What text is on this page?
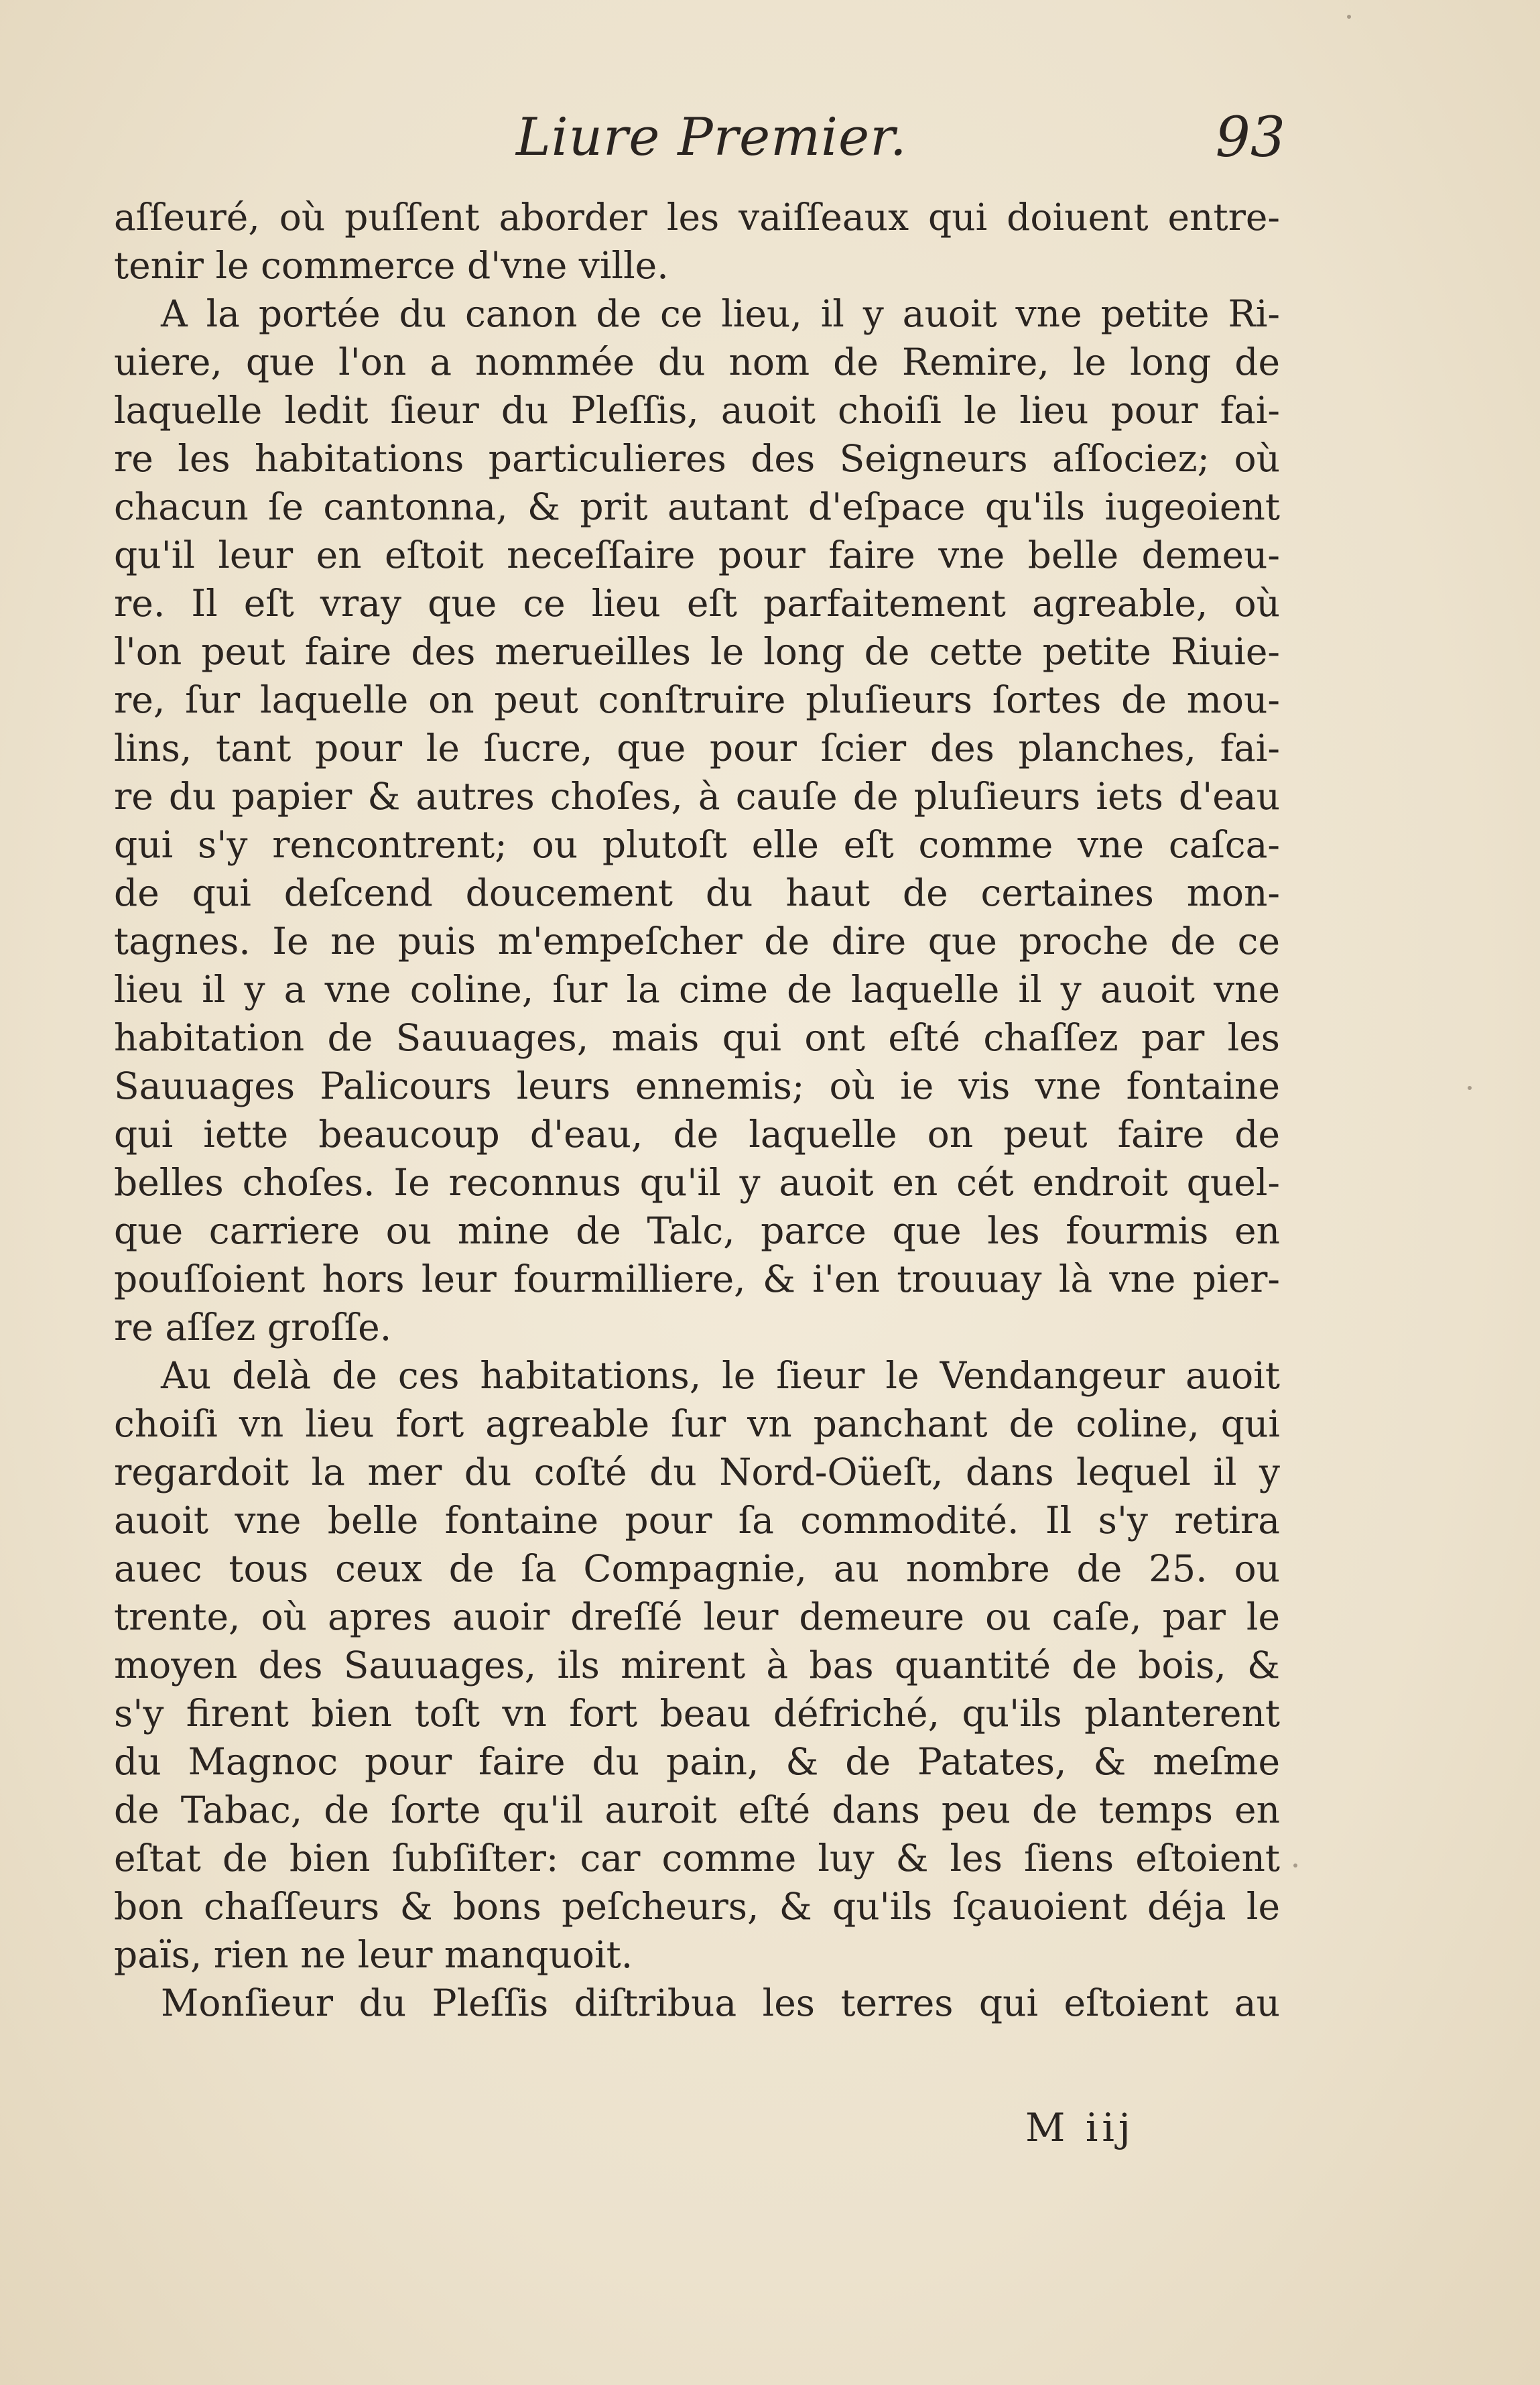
Liure Premier.	93
aſſeuré, où puſſent aborder les vaiſſeaux qui doiuent entre-
tenir le commerce d'vne ville.
A la portée du canon de ce lieu, il y auoit vne petite Ri-
uiere, que l'on a nommée du nom de Remire, le long de
laquelle ledit ſieur du Pleſſis, auoit choiſi le lieu pour fai-
re les habitations particulieres des Seigneurs aſſociez; où
chacun ſe cantonna, & prit autant d'eſpace qu'ils iugeoient
qu'il leur en eſtoit neceſſaire pour faire vne belle demeu-
re. Il eſt vray que ce lieu eſt parfaitement agreable, où
l'on peut faire des merueilles le long de cette petite Riuie-
re, ſur laquelle on peut conſtruire pluſieurs ſortes de mou-
lins, tant pour le ſucre, que pour ſcier des planches, fai-
re du papier & autres choſes, à cauſe de pluſieurs iets d'eau
qui s'y rencontrent; ou plutoſt elle eſt comme vne caſca-
de qui deſcend doucement du haut de certaines mon-
tagnes. Ie ne puis m'empeſcher de dire que proche de ce
lieu il y a vne coline, ſur la cime de laquelle il y auoit vne
habitation de Sauuages, mais qui ont eſté chaſſez par les
Sauuages Palicours leurs ennemis; où ie vis vne fontaine
qui iette beaucoup d'eau, de laquelle on peut faire de
belles choſes. Ie reconnus qu'il y auoit en cét endroit quel-
que carriere ou mine de Talc, parce que les fourmis en
pouſſoient hors leur fourmilliere, & i'en trouuay là vne pier-
re aſſez groſſe.
Au delà de ces habitations, le ſieur le Vendangeur auoit
choiſi vn lieu fort agreable ſur vn panchant de coline, qui
regardoit la mer du coſté du Nord-Oüeſt, dans lequel il y
auoit vne belle fontaine pour ſa commodité. Il s'y retira
auec tous ceux de ſa Compagnie, au nombre de 25. ou
trente, où apres auoir dreſſé leur demeure ou caſe, par le
moyen des Sauuages, ils mirent à bas quantité de bois, &
s'y firent bien toſt vn fort beau défriché, qu'ils planterent
du Magnoc pour faire du pain, & de Patates, & meſme
de Tabac, de ſorte qu'il auroit eſté dans peu de temps en
eſtat de bien ſubſiſter: car comme luy & les ſiens eſtoient
bon chaſſeurs & bons peſcheurs, & qu'ils ſçauoient déja le
païs, rien ne leur manquoit.
Monſieur du Pleſſis diſtribua les terres qui eſtoient au
M iij
